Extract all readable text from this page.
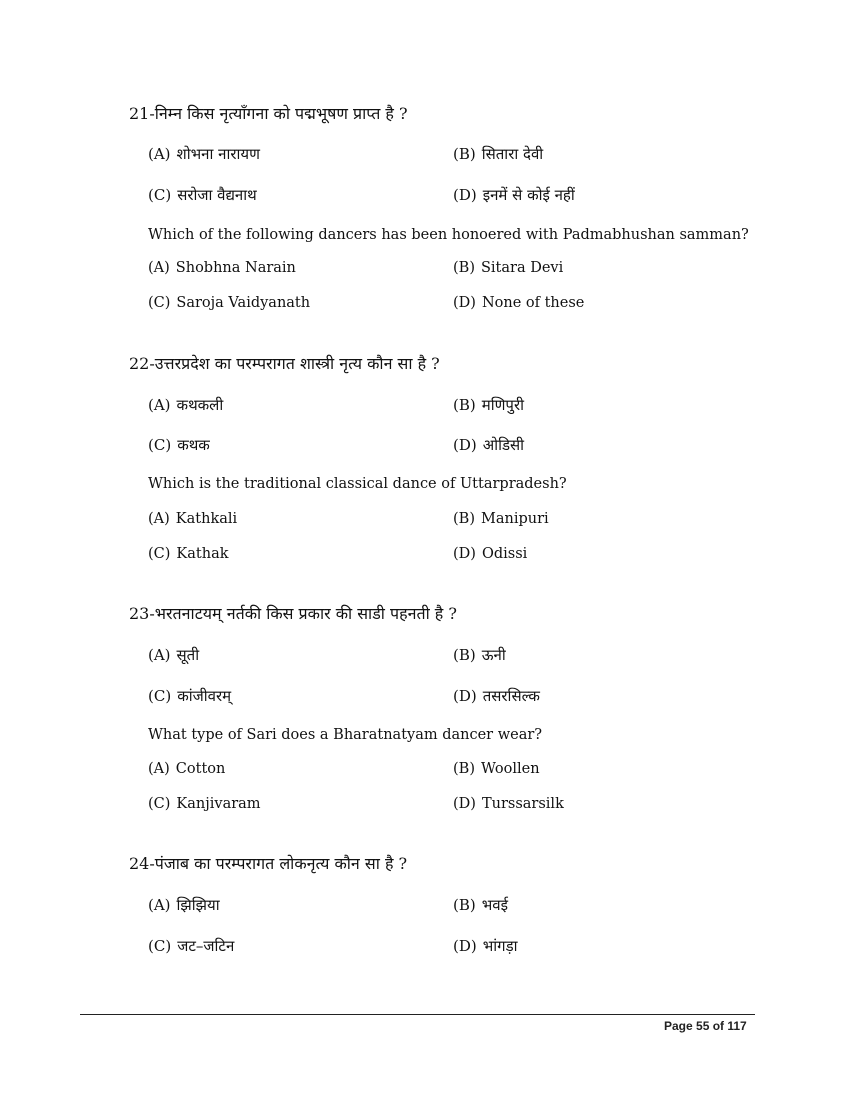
21-निम्न किस नृत्याँगना को पद्मभूषण प्राप्त है ?
(A) शोभना नारायण	(B) सितारा देवी
(C) सरोजा वैद्यनाथ	(D) इनमें से कोई नहीं
Which of the following dancers has been honoered with Padmabhushan samman?
(A) Shobhna Narain	(B) Sitara Devi
(C) Saroja Vaidyanath	(D) None of these
22-उत्तरप्रदेश का परम्परागत शास्त्री नृत्य कौन सा है ?
(A) कथकली	(B) मणिपुरी
(C) कथक	(D) ओडिसी
Which is the traditional classical dance of Uttarpradesh?
(A) Kathkali	(B) Manipuri
(C) Kathak	(D) Odissi
23-भरतनाटयम् नर्तकी किस प्रकार की साडी पहनती है ?
(A) सूती	(B) ऊनी
(C) कांजीवरम्	(D) तसरसिल्क
What type of Sari does a Bharatnatyam dancer wear?
(A) Cotton	(B) Woollen
(C) Kanjivaram	(D) Turssarsilk
24-पंजाब का परम्परागत लोकनृत्य कौन सा है ?
(A) झिझिया	(B) भवई
(C) जट–जटिन	(D) भांगड़ा
Page 55 of 117
